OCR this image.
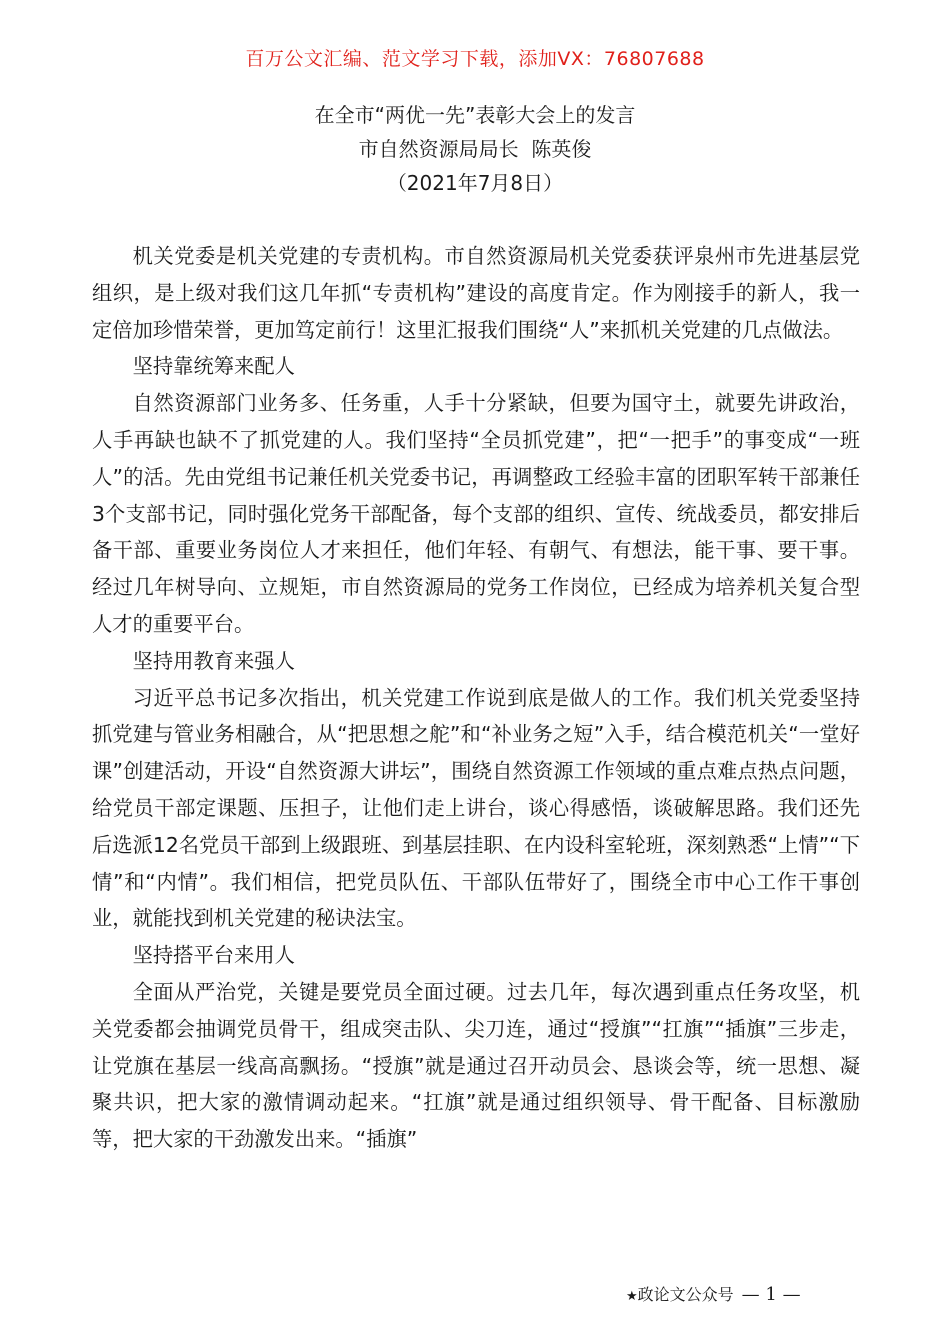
百万公文汇编、范文学习下载，添加VX：76807688

在全市“两优一先”表彰大会上的发言

市自然资源局局长  陈英俊

（2021年7月8日）

机关党委是机关党建的专责机构。市自然资源局机关党委获评泉州市先进基层党组织，是上级对我们这几年抓“专责机构”建设的高度肯定。作为刚接手的新人，我一定倍加珍惜荣誉，更加笃定前行！这里汇报我们围绕“人”来抓机关党建的几点做法。

坚持靠统筹来配人

自然资源部门业务多、任务重，人手十分紧缺，但要为国守土，就要先讲政治，人手再缺也缺不了抓党建的人。我们坚持“全员抓党建”，把“一把手”的事变成“一班人”的活。先由党组书记兼任机关党委书记，再调整政工经验丰富的团职军转干部兼任3个支部书记，同时强化党务干部配备，每个支部的组织、宣传、统战委员，都安排后备干部、重要业务岗位人才来担任，他们年轻、有朝气、有想法，能干事、要干事。经过几年树导向、立规矩，市自然资源局的党务工作岗位，已经成为培养机关复合型人才的重要平台。

坚持用教育来强人

习近平总书记多次指出，机关党建工作说到底是做人的工作。我们机关党委坚持抓党建与管业务相融合，从“把思想之舵”和“补业务之短”入手，结合模范机关“一堂好课”创建活动，开设“自然资源大讲坛”，围绕自然资源工作领域的重点难点热点问题，给党员干部定课题、压担子，让他们走上讲台，谈心得感悟，谈破解思路。我们还先后选派12名党员干部到上级跟班、到基层挂职、在内设科室轮班，深刻熟悉“上情”“下情”和“内情”。我们相信，把党员队伍、干部队伍带好了，围绕全市中心工作干事创业，就能找到机关党建的秘诀法宝。

坚持搭平台来用人

全面从严治党，关键是要党员全面过硬。过去几年，每次遇到重点任务攻坚，机关党委都会抽调党员骨干，组成突击队、尖刀连，通过“授旗”“扛旗”“插旗”三步走，让党旗在基层一线高高飘扬。“授旗”就是通过召开动员会、恳谈会等，统一思想、凝聚共识，把大家的激情调动起来。“扛旗”就是通过组织领导、骨干配备、目标激励等，把大家的干劲激发出来。“插旗”

★政论文公众号 — 1 —
